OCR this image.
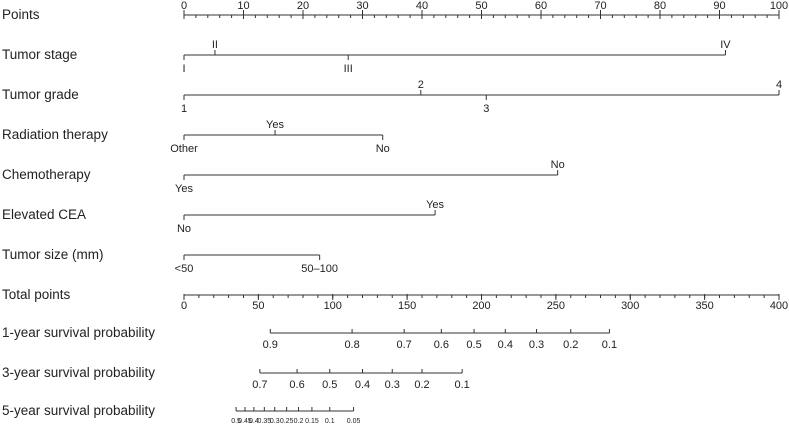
Points
0	10	20	30	40	50	60	70	80	90	100
Tumor stage
I
II
III
IV
Tumor grade
1
2
3
4
Radiation therapy
Other
Yes
No
Chemotherapy
Yes
No
Elevated CEA
No
Yes
Tumor size (mm)
<50	50–100
Total points
0	50	100	150	200	250	300	350	400
1-year survival probability
0.9	0.8	0.7 0.6 0.5 0.4 0.3 0.2 0.1
3-year survival probability
0.7 0.6 0.5 0.4 0.3 0.2 0.1
5-year survival probability
0.5
0.45
0.4
0.35
0.3 0.25 0.2 0.15 0.1 0.05
